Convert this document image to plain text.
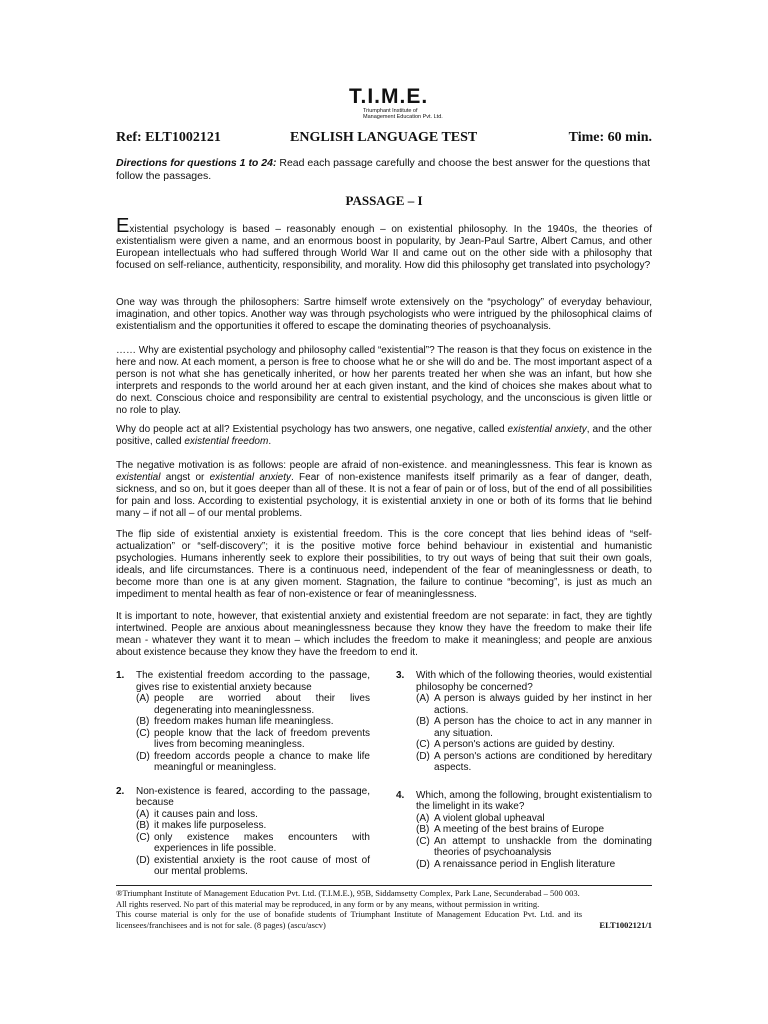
T.I.M.E.
Triumphant Institute of
Management Education Pvt. Ltd.
Ref: ELT1002121	ENGLISH LANGUAGE TEST	Time: 60 min.
Directions for questions 1 to 24: Read each passage carefully and choose the best answer for the questions that follow the passages.
PASSAGE – I

Existential psychology is based – reasonably enough – on existential philosophy. In the 1940s, the theories of existentialism were given a name, and an enormous boost in popularity, by Jean-Paul Sartre, Albert Camus, and other European intellectuals who had suffered through World War II and came out on the other side with a philosophy that focused on self-reliance, authenticity, responsibility, and morality. How did this philosophy get translated into psychology?

One way was through the philosophers: Sartre himself wrote extensively on the “psychology” of everyday behaviour, imagination, and other topics. Another way was through psychologists who were intrigued by the philosophical claims of existentialism and the opportunities it offered to escape the dominating theories of psychoanalysis.

…… Why are existential psychology and philosophy called “existential”? The reason is that they focus on existence in the here and now. At each moment, a person is free to choose what he or she will do and be. The most important aspect of a person is not what she has genetically inherited, or how her parents treated her when she was an infant, but how she interprets and responds to the world around her at each given instant, and the kind of choices she makes about what to do next. Conscious choice and responsibility are central to existential psychology, and the unconscious is given little or no role to play.

Why do people act at all? Existential psychology has two answers, one negative, called existential anxiety, and the other positive, called existential freedom.

The negative motivation is as follows: people are afraid of non-existence. and meaninglessness. This fear is known as existential angst or existential anxiety. Fear of non-existence manifests itself primarily as a fear of danger, death, sickness, and so on, but it goes deeper than all of these. It is not a fear of pain or of loss, but of the end of all possibilities for pain and loss. According to existential psychology, it is existential anxiety in one or both of its forms that lie behind many – if not all – of our mental problems.

The flip side of existential anxiety is existential freedom. This is the core concept that lies behind ideas of “self-actualization” or “self-discovery”; it is the positive motive force behind behaviour in existential and humanistic psychologies. Humans inherently seek to explore their possibilities, to try out ways of being that suit their own goals, ideals, and life circumstances. There is a continuous need, independent of the fear of meaninglessness or death, to become more than one is at any given moment. Stagnation, the failure to continue “becoming”, is just as much an impediment to mental health as fear of non-existence or fear of meaninglessness.

It is important to note, however, that existential anxiety and existential freedom are not separate: in fact, they are tightly intertwined. People are anxious about meaninglessness because they know they have the freedom to make their life mean - whatever they want it to mean – which includes the freedom to make it meaningless; and people are anxious about existence because they know they have the freedom to end it.

1. The existential freedom according to the passage, gives rise to existential anxiety because
(A) people are worried about their lives degenerating into meaninglessness.
(B) freedom makes human life meaningless.
(C) people know that the lack of freedom prevents lives from becoming meaningless.
(D) freedom accords people a chance to make life meaningful or meaningless.
2. Non-existence is feared, according to the passage, because
(A) it causes pain and loss.
(B) it makes life purposeless.
(C) only existence makes encounters with experiences in life possible.
(D) existential anxiety is the root cause of most of our mental problems.
3. With which of the following theories, would existential philosophy be concerned?
(A) A person is always guided by her instinct in her actions.
(B) A person has the choice to act in any manner in any situation.
(C) A person's actions are guided by destiny.
(D) A person's actions are conditioned by hereditary aspects.
4. Which, among the following, brought existentialism to the limelight in its wake?
(A) A violent global upheaval
(B) A meeting of the best brains of Europe
(C) An attempt to unshackle from the dominating theories of psychoanalysis
(D) A renaissance period in English literature
®Triumphant Institute of Management Education Pvt. Ltd. (T.I.M.E.), 95B, Siddamsetty Complex, Park Lane, Secunderabad – 500 003.
All rights reserved. No part of this material may be reproduced, in any form or by any means, without permission in writing.
This course material is only for the use of bonafide students of Triumphant Institute of Management Education Pvt. Ltd. and its licensees/franchisees and is not for sale. (8 pages) (ascu/ascv)	ELT1002121/1
